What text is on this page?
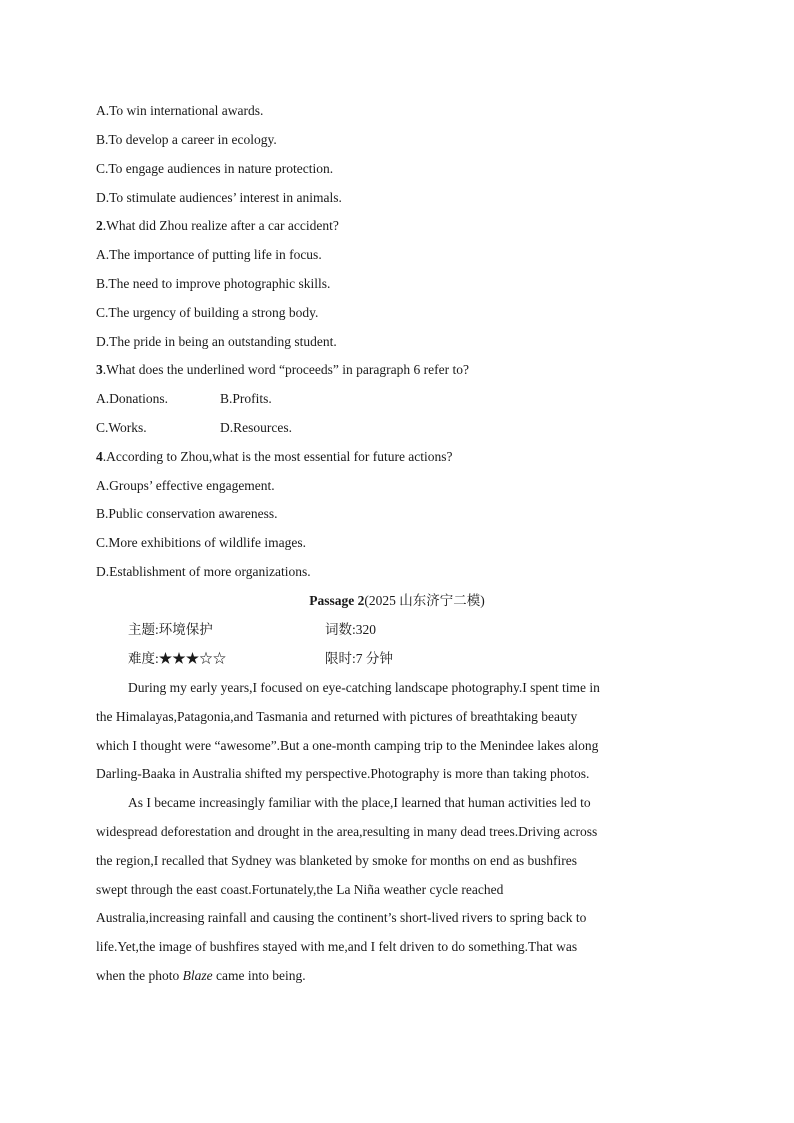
A.To win international awards.
B.To develop a career in ecology.
C.To engage audiences in nature protection.
D.To stimulate audiences’ interest in animals.
2.What did Zhou realize after a car accident?
A.The importance of putting life in focus.
B.The need to improve photographic skills.
C.The urgency of building a strong body.
D.The pride in being an outstanding student.
3.What does the underlined word “proceeds” in paragraph 6 refer to?
A.Donations.	B.Profits.
C.Works.	D.Resources.
4.According to Zhou,what is the most essential for future actions?
A.Groups’ effective engagement.
B.Public conservation awareness.
C.More exhibitions of wildlife images.
D.Establishment of more organizations.
Passage 2(2025 山东济宁二模)
主题:环境保护	词数:320
难度:★★★☆☆	限时:7 分钟
During my early years,I focused on eye-catching landscape photography.I spent time in
the Himalayas,Patagonia,and Tasmania and returned with pictures of breathtaking beauty
which I thought were “awesome”.But a one-month camping trip to the Menindee lakes along
Darling-Baaka in Australia shifted my perspective.Photography is more than taking photos.
As I became increasingly familiar with the place,I learned that human activities led to
widespread deforestation and drought in the area,resulting in many dead trees.Driving across
the region,I recalled that Sydney was blanketed by smoke for months on end as bushfires
swept through the east coast.Fortunately,the La Niña weather cycle reached
Australia,increasing rainfall and causing the continent’s short-lived rivers to spring back to
life.Yet,the image of bushfires stayed with me,and I felt driven to do something.That was
when the photo Blaze came into being.
